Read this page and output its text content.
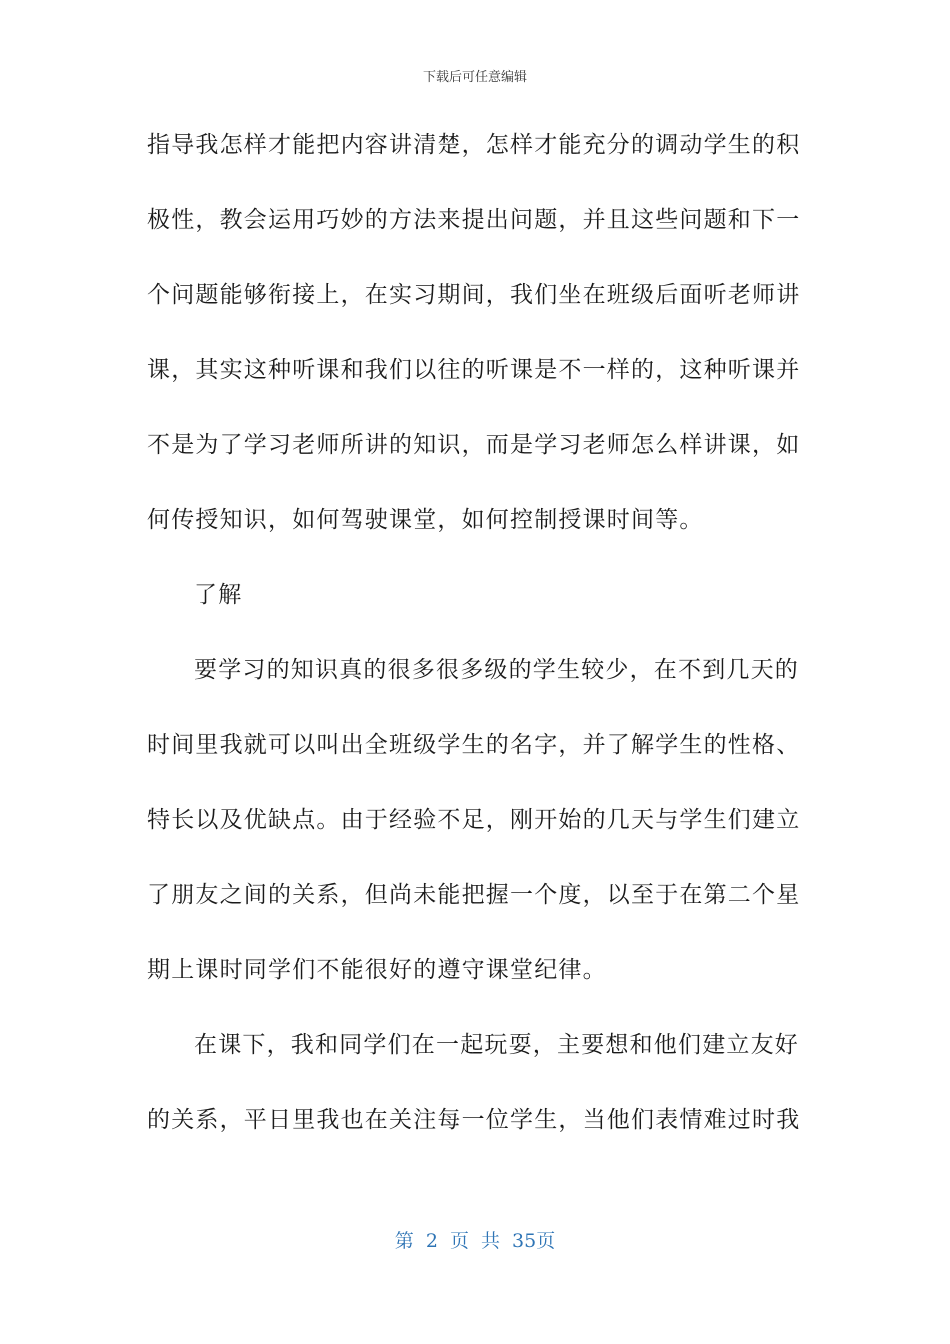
下载后可任意编辑
指导我怎样才能把内容讲清楚，怎样才能充分的调动学生的积
极性，教会运用巧妙的方法来提出问题，并且这些问题和下一
个问题能够衔接上，在实习期间，我们坐在班级后面听老师讲
课，其实这种听课和我们以往的听课是不一样的，这种听课并
不是为了学习老师所讲的知识，而是学习老师怎么样讲课，如
何传授知识，如何驾驶课堂，如何控制授课时间等。
了解
要学习的知识真的很多很多级的学生较少，在不到几天的
时间里我就可以叫出全班级学生的名字，并了解学生的性格、
特长以及优缺点。由于经验不足，刚开始的几天与学生们建立
了朋友之间的关系，但尚未能把握一个度，以至于在第二个星
期上课时同学们不能很好的遵守课堂纪律。
在课下，我和同学们在一起玩耍，主要想和他们建立友好
的关系，平日里我也在关注每一位学生，当他们表情难过时我
第 2 页 共 35页
